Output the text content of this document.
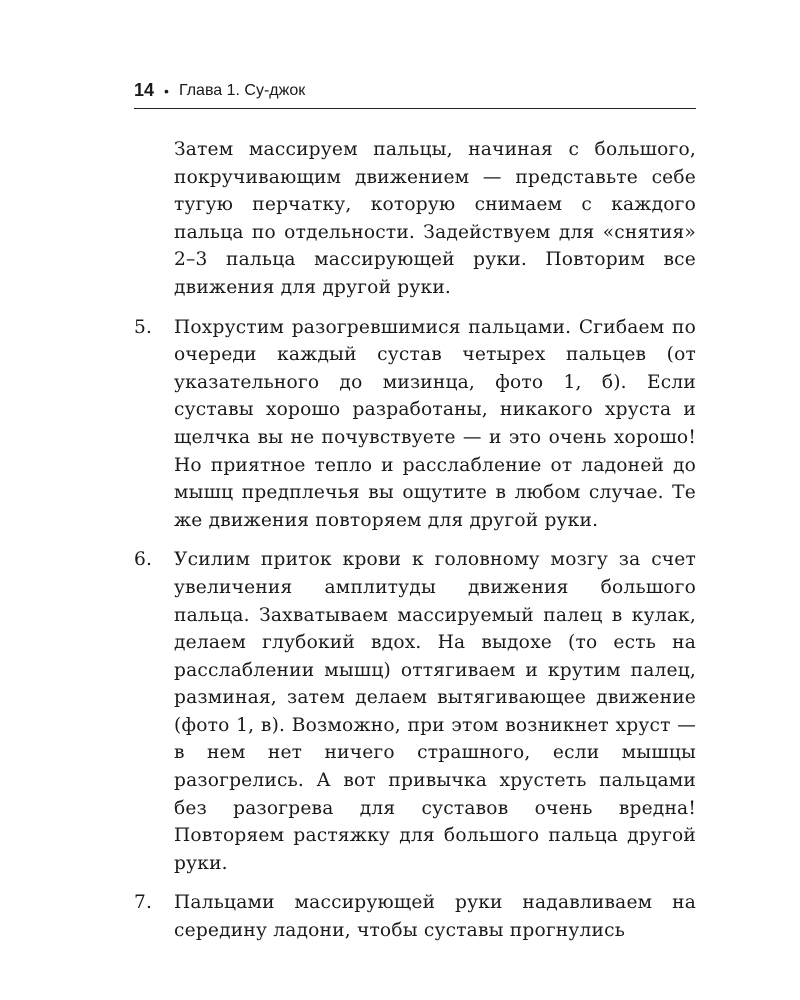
14 • Глава 1. Су-джок
Затем массируем пальцы, начиная с большого, покручивающим движением — представьте себе тугую перчатку, которую снимаем с каждого пальца по отдельности. Задействуем для «снятия» 2–3 пальца массирующей руки. Повторим все движения для другой руки.
5. Похрустим разогревшимися пальцами. Сгибаем по очереди каждый сустав четырех пальцев (от указательного до мизинца, фото 1, б). Если суставы хорошо разработаны, никакого хруста и щелчка вы не почувствуете — и это очень хорошо! Но приятное тепло и расслабление от ладоней до мышц предплечья вы ощутите в любом случае. Те же движения повторяем для другой руки.
6. Усилим приток крови к головному мозгу за счет увеличения амплитуды движения большого пальца. Захватываем массируемый палец в кулак, делаем глубокий вдох. На выдохе (то есть на расслаблении мышц) оттягиваем и крутим палец, разминая, затем делаем вытягивающее движение (фото 1, в). Возможно, при этом возникнет хруст — в нем нет ничего страшного, если мышцы разогрелись. А вот привычка хрустеть пальцами без разогрева для суставов очень вредна! Повторяем растяжку для большого пальца другой руки.
7. Пальцами массирующей руки надавливаем на середину ладони, чтобы суставы прогнулись
